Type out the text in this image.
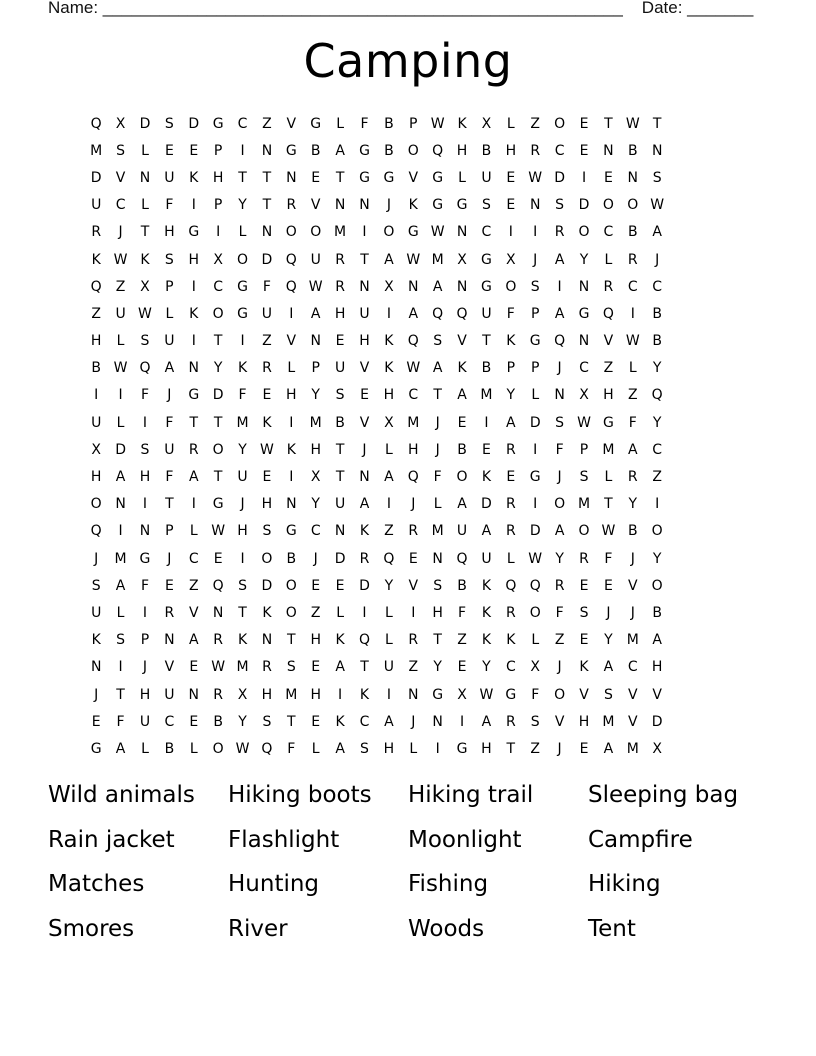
Name: _______________________________________________________ Date: _______
Camping
Q	X	D	S	D G	C	Z	V	G	L	F	B	P W K	X	L	Z	O	E	T W T
M S	L	E	E	P	I	N G	B	A	G	B	O Q H	B	H	R	C	E	N	B	N
D	V	N	U	K	H	T	T	N	E	T	G G	V	G	L	U	E W D	I	E	N	S
U	C	L	F	I	P	Y	T	R	V	N N	J	K	G G	S	E	N	S	D O O W
R	J	T	H G	I	L	N O O M	I	O G W N	C	I	I	R	O C	B	A
K W K	S	H	X	O D Q U	R	T	A W M X	G	X	J	A	Y	L	R	J
Q	Z	X	P	I	C	G	F	Q W R	N	X	N	A	N G O	S	I	N	R	C	C
Z	U W L	K	O G U	I	A	H	U	I	A	Q Q U	F	P	A	G Q	I	B
H	L	S	U	I	T	I	Z	V	N	E	H	K	Q	S	V	T	K	G Q N	V W B
B W Q	A	N	Y	K	R	L	P	U	V	K W A	K	B	P	P	J	C	Z	L	Y
I	I	F	J	G D	F	E	H	Y	S	E	H	C	T	A M	Y	L	N	X	H	Z	Q
U	L	I	F	T	T	M K	I	M B	V	X M	J	E	I	A	D	S W G	F	Y
X	D	S	U	R	O	Y W K	H	T	J	L	H	J	B	E	R	I	F	P	M A	C
H	A	H	F	A	T	U	E	I	X	T	N	A	Q	F	O	K	E	G	J	S	L	R	Z
O N	I	T	I	G	J	H N	Y	U	A	I	J	L	A	D	R	I	O M	T	Y	I
Q	I	N	P	L W H	S	G	C	N	K	Z	R M U	A	R	D	A	O W B	O
J	M G	J	C	E	I	O	B	J	D	R	Q	E	N Q U	L W Y	R	F	J	Y
S	A	F	E	Z	Q	S	D O	E	E	D	Y	V	S	B	K	Q Q	R	E	E	V	O
U	L	I	R	V	N	T	K	O	Z	L	I	L	I	H	F	K	R	O	F	S	J	J	B
K	S	P	N	A	R	K	N	T	H	K	Q	L	R	T	Z	K	K	L	Z	E	Y	M A
N	I	J	V	E W M R	S	E	A	T	U	Z	Y	E	Y	C	X	J	K	A	C	H
J	T	H	U	N	R	X	H M H	I	K	I	N G	X W G	F	O	V	S	V	V
E	F	U	C	E	B	Y	S	T	E	K	C	A	J	N	I	A	R	S	V	H M V	D
G	A	L	B	L	O W Q	F	L	A	S	H	L	I	G H	T	Z	J	E	A M X
Wild animals	Hiking boots	Hiking trail	Sleeping bag
Rain jacket	Flashlight	Moonlight	Campfire
Matches	Hunting	Fishing	Hiking
Smores	River	Woods	Tent
